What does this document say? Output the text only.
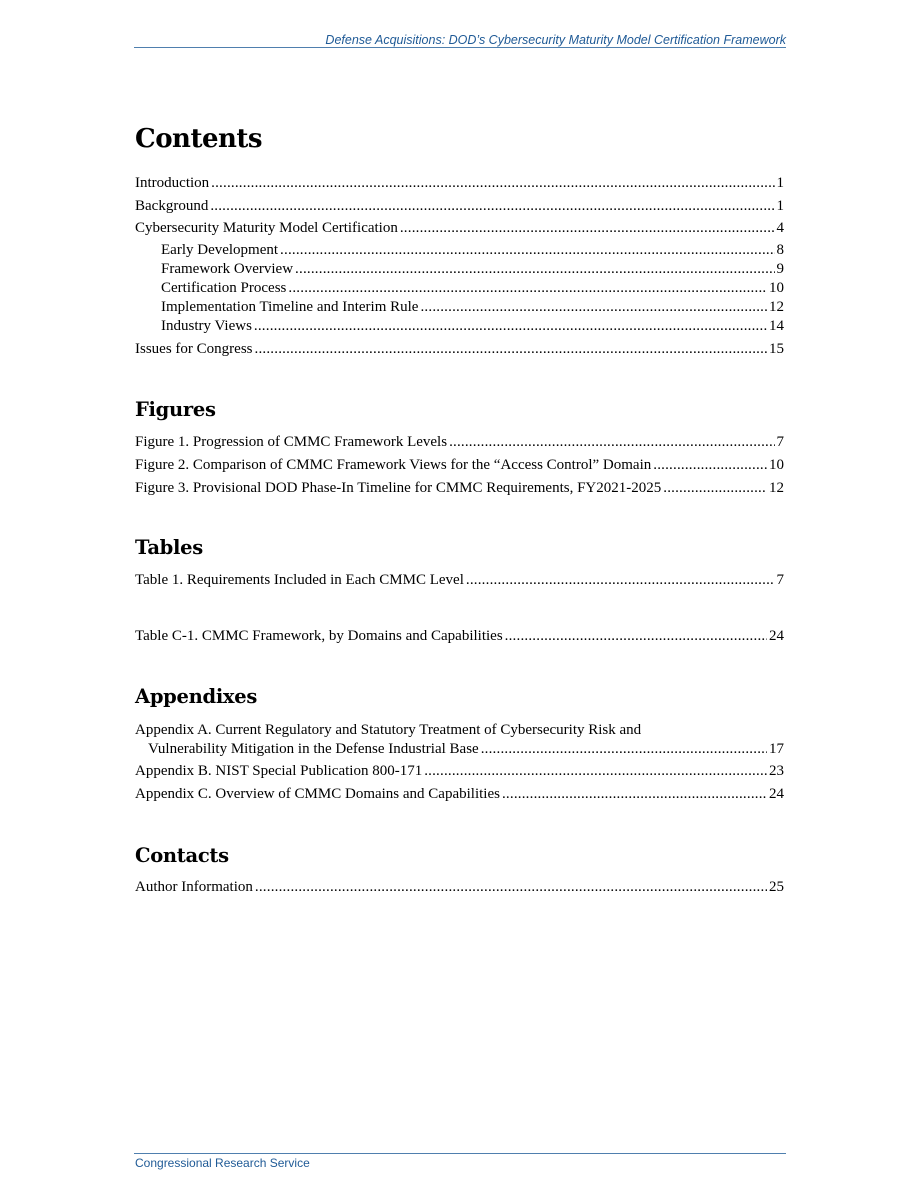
Defense Acquisitions: DOD’s Cybersecurity Maturity Model Certification Framework
Contents
Introduction .....	1
Background .....	1
Cybersecurity Maturity Model Certification .....	4
Early Development .....	8
Framework Overview .....	9
Certification Process .....	10
Implementation Timeline and Interim Rule .....	12
Industry Views .....	14
Issues for Congress .....	15
Figures
Figure 1. Progression of CMMC Framework Levels .....	7
Figure 2. Comparison of CMMC Framework Views for the “Access Control” Domain .....	10
Figure 3. Provisional DOD Phase-In Timeline for CMMC Requirements, FY2021-2025 .....	12
Tables
Table 1. Requirements Included in Each CMMC Level .....	7
Table C-1. CMMC Framework, by Domains and Capabilities .....	24
Appendixes
Appendix A. Current Regulatory and Statutory Treatment of Cybersecurity Risk and
Vulnerability Mitigation in the Defense Industrial Base .....	17
Appendix B. NIST Special Publication 800-171 .....	23
Appendix C. Overview of CMMC Domains and Capabilities .....	24
Contacts
Author Information .....	25
Congressional Research Service
